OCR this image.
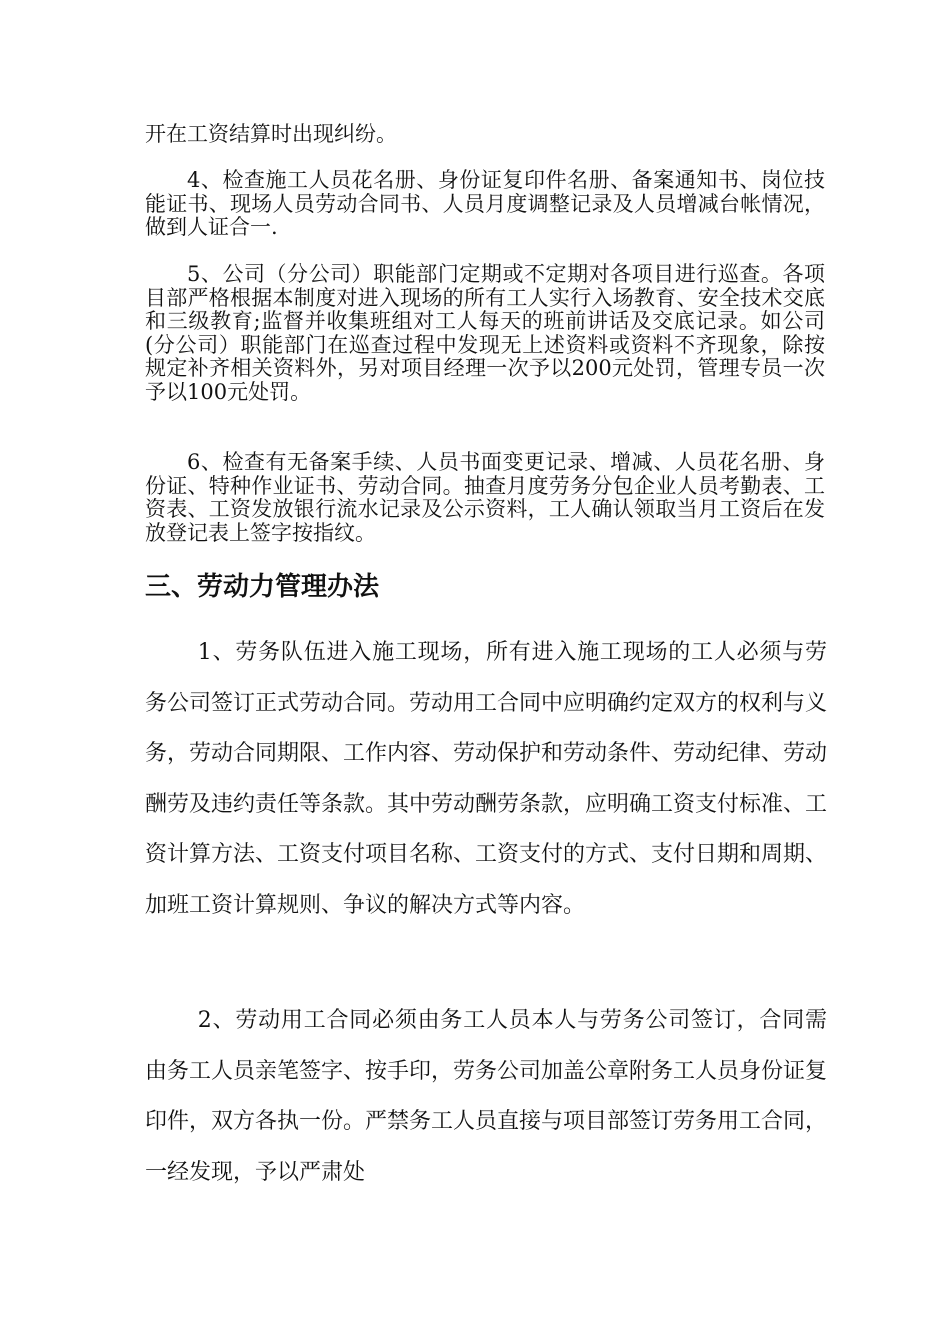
开在工资结算时出现纠纷。

4、检查施工人员花名册、身份证复印件名册、备案通知书、岗位技能证书、现场人员劳动合同书、人员月度调整记录及人员增减台帐情况，做到人证合一.

5、公司（分公司）职能部门定期或不定期对各项目进行巡查。各项目部严格根据本制度对进入现场的所有工人实行入场教育、安全技术交底和三级教育;监督并收集班组对工人每天的班前讲话及交底记录。如公司(分公司）职能部门在巡查过程中发现无上述资料或资料不齐现象，除按规定补齐相关资料外，另对项目经理一次予以200元处罚，管理专员一次予以100元处罚。

6、检查有无备案手续、人员书面变更记录、增减、人员花名册、身份证、特种作业证书、劳动合同。抽查月度劳务分包企业人员考勤表、工资表、工资发放银行流水记录及公示资料，工人确认领取当月工资后在发放登记表上签字按指纹。

三、劳动力管理办法

1、劳务队伍进入施工现场，所有进入施工现场的工人必须与劳务公司签订正式劳动合同。劳动用工合同中应明确约定双方的权利与义务，劳动合同期限、工作内容、劳动保护和劳动条件、劳动纪律、劳动酬劳及违约责任等条款。其中劳动酬劳条款，应明确工资支付标准、工资计算方法、工资支付项目名称、工资支付的方式、支付日期和周期、加班工资计算规则、争议的解决方式等内容。

2、劳动用工合同必须由务工人员本人与劳务公司签订，合同需由务工人员亲笔签字、按手印，劳务公司加盖公章附务工人员身份证复印件，双方各执一份。严禁务工人员直接与项目部签订劳务用工合同，一经发现，予以严肃处
